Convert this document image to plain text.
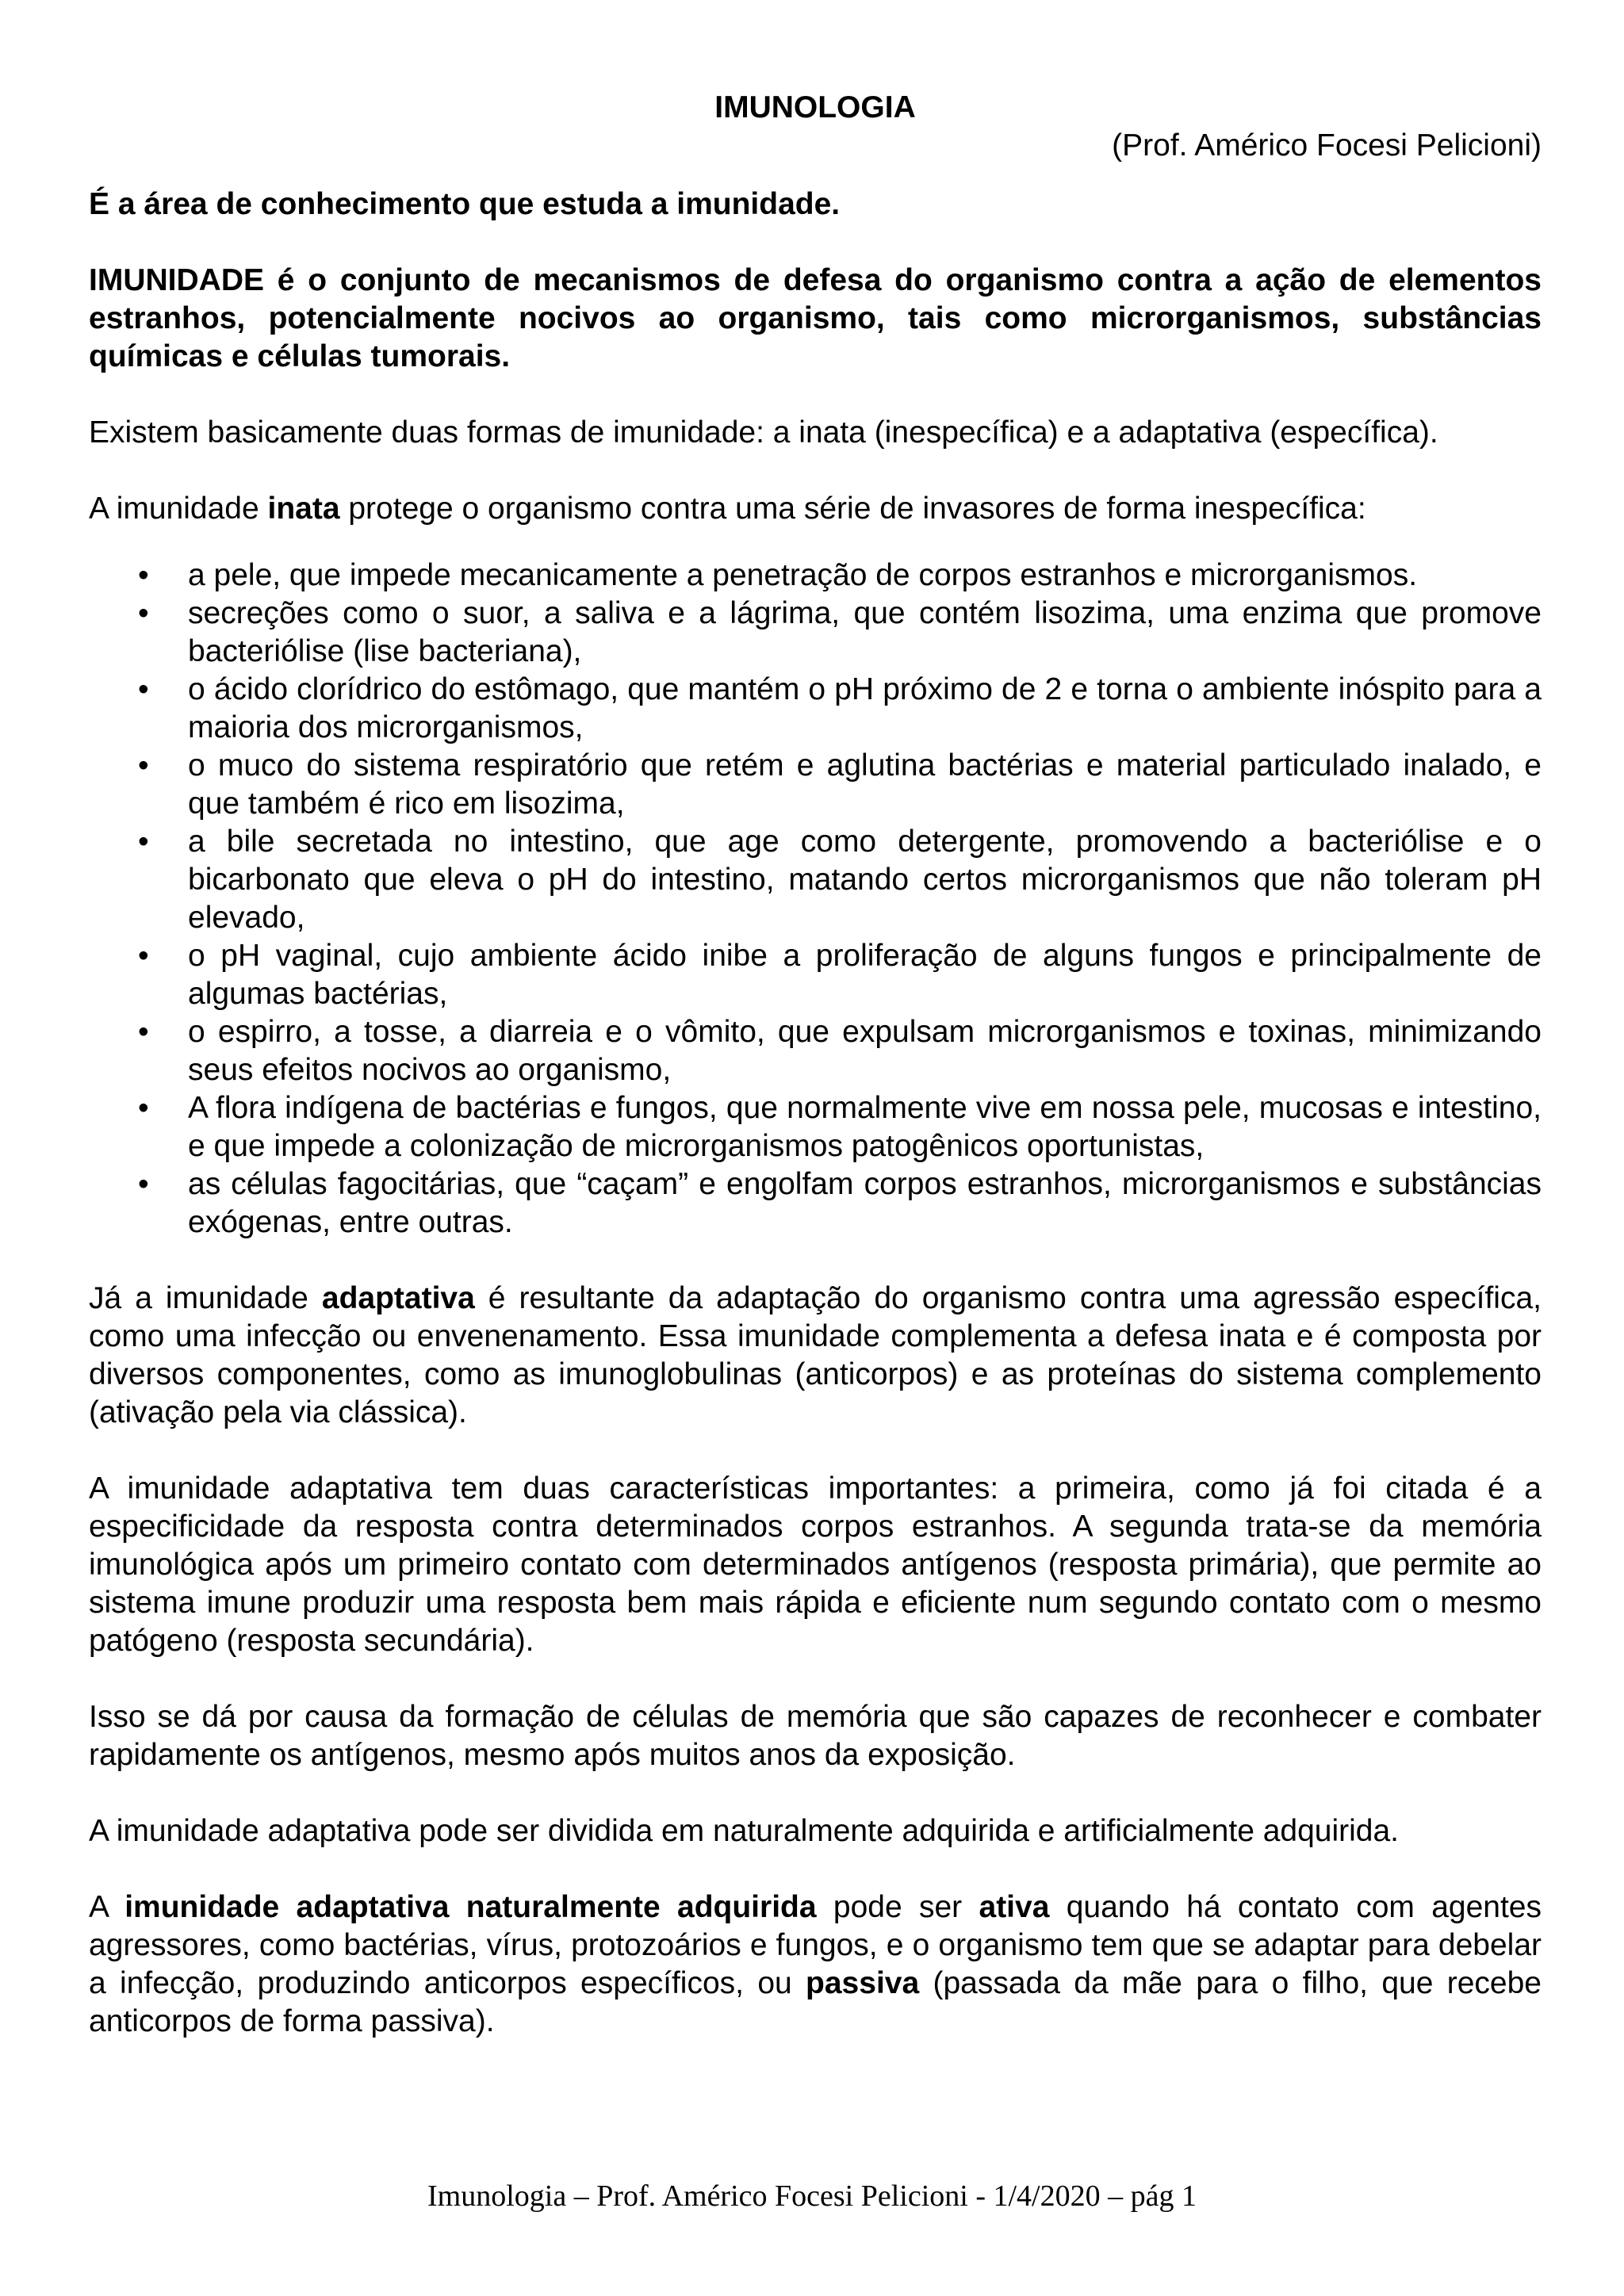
IMUNOLOGIA

(Prof. Américo Focesi Pelicioni)

É a área de conhecimento que estuda a imunidade.

IMUNIDADE é o conjunto de mecanismos de defesa do organismo contra a ação de elementos estranhos, potencialmente nocivos ao organismo, tais como microrganismos, substâncias químicas e células tumorais.

Existem basicamente duas formas de imunidade: a inata (inespecífica) e a adaptativa (específica).

A imunidade inata protege o organismo contra uma série de invasores de forma inespecífica:

•	a pele, que impede mecanicamente a penetração de corpos estranhos e microrganismos.
•	secreções como o suor, a saliva e a lágrima, que contém lisozima, uma enzima que promove bacteriólise (lise bacteriana),
•	o ácido clorídrico do estômago, que mantém o pH próximo de 2 e torna o ambiente inóspito para a maioria dos microrganismos,
•	o muco do sistema respiratório que retém e aglutina bactérias e material particulado inalado, e que também é rico em lisozima,
•	a bile secretada no intestino, que age como detergente, promovendo a bacteriólise e o bicarbonato que eleva o pH do intestino, matando certos microrganismos que não toleram pH elevado,
•	o pH vaginal, cujo ambiente ácido inibe a proliferação de alguns fungos e principalmente de algumas bactérias,
•	o espirro, a tosse, a diarreia e o vômito, que expulsam microrganismos e toxinas, minimizando seus efeitos nocivos ao organismo,
•	A flora indígena de bactérias e fungos, que normalmente vive em nossa pele, mucosas e intestino, e que impede a colonização de microrganismos patogênicos oportunistas,
•	as células fagocitárias, que “caçam” e engolfam corpos estranhos, microrganismos e substâncias exógenas, entre outras.

Já a imunidade adaptativa é resultante da adaptação do organismo contra uma agressão específica, como uma infecção ou envenenamento. Essa imunidade complementa a defesa inata e é composta por diversos componentes, como as imunoglobulinas (anticorpos) e as proteínas do sistema complemento (ativação pela via clássica).

A imunidade adaptativa tem duas características importantes: a primeira, como já foi citada é a especificidade da resposta contra determinados corpos estranhos. A segunda trata-se da memória imunológica após um primeiro contato com determinados antígenos (resposta primária), que permite ao sistema imune produzir uma resposta bem mais rápida e eficiente num segundo contato com o mesmo patógeno (resposta secundária).

Isso se dá por causa da formação de células de memória que são capazes de reconhecer e combater rapidamente os antígenos, mesmo após muitos anos da exposição.

A imunidade adaptativa pode ser dividida em naturalmente adquirida e artificialmente adquirida.

A imunidade adaptativa naturalmente adquirida pode ser ativa quando há contato com agentes agressores, como bactérias, vírus, protozoários e fungos, e o organismo tem que se adaptar para debelar a infecção, produzindo anticorpos específicos, ou passiva (passada da mãe para o filho, que recebe anticorpos de forma passiva).

Imunologia – Prof. Américo Focesi Pelicioni - 1/4/2020 – pág 1
